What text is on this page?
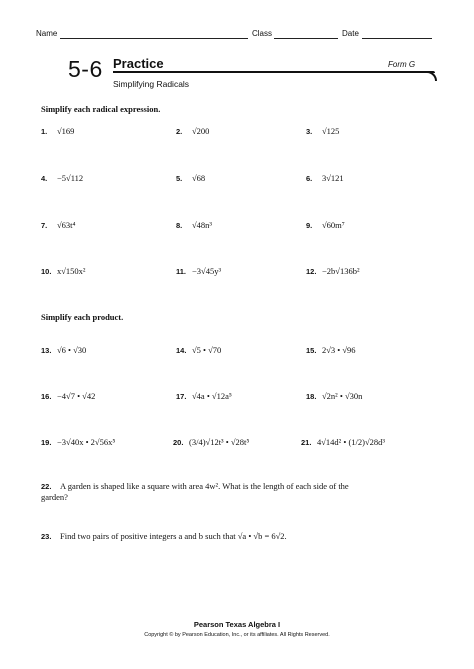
Name	Class	Date
5-6 Practice	Form G
Simplifying Radicals
Simplify each radical expression.
1. √169	2. √200	3. √125
4. −5√112	5. √68	6. 3√121
7. √63t⁴	8. √48n³	9. √60m⁷
10. x√150x²	11. −3√45y³	12. −2b√136b²
Simplify each product.
13. √6 • √30	14. √5 • √70	15. 2√3 • √96
16. −4√7 • √42	17. √4a • √12a⁵	18. √2n² • √30n
19. −3√40x • 2√56x⁵	20. (3/4)√12t³ • √28t⁵	21. 4√14d² • (1/2)√28d³
22. A garden is shaped like a square with area 4w². What is the length of each side of the garden?
23. Find two pairs of positive integers a and b such that √a • √b = 6√2.
Pearson Texas Algebra I
Copyright © by Pearson Education, Inc., or its affiliates. All Rights Reserved.
